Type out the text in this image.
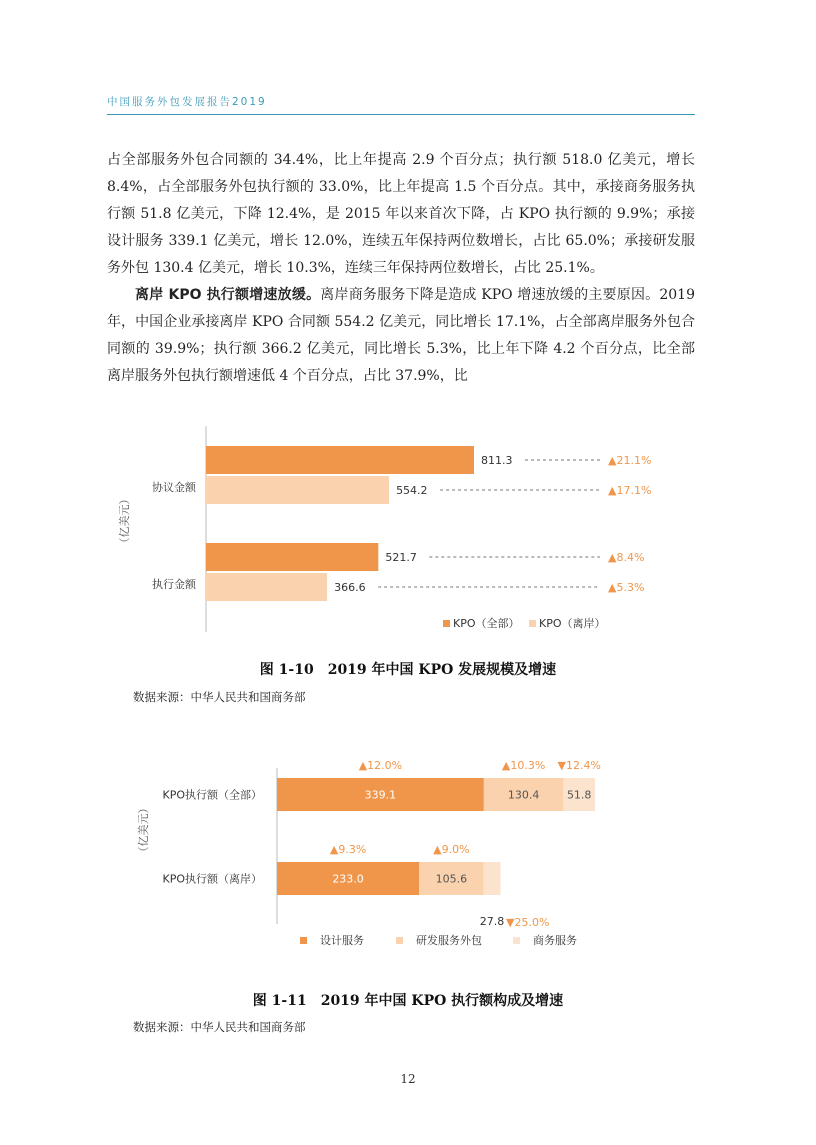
中国服务外包发展报告2019

占全部服务外包合同额的 34.4%，比上年提高 2.9 个百分点；执行额 518.0 亿美元，增长 8.4%，占全部服务外包执行额的 33.0%，比上年提高 1.5 个百分点。其中，承接商务服务执行额 51.8 亿美元，下降 12.4%，是 2015 年以来首次下降，占 KPO 执行额的 9.9%；承接设计服务 339.1 亿美元，增长 12.0%，连续五年保持两位数增长，占比 65.0%；承接研发服务外包 130.4 亿美元，增长 10.3%，连续三年保持两位数增长，占比 25.1%。

离岸 KPO 执行额增速放缓。离岸商务服务下降是造成 KPO 增速放缓的主要原因。2019 年，中国企业承接离岸 KPO 合同额 554.2 亿美元，同比增长 17.1%，占全部离岸服务外包合同额的 39.9%；执行额 366.2 亿美元，同比增长 5.3%，比上年下降 4.2 个百分点，比全部离岸服务外包执行额增速低 4 个百分点，占比 37.9%，比

（亿美元）
协议金额
811.3	▲21.1%
554.2	▲17.1%
执行金额
521.7	▲8.4%
366.6	▲5.3%
KPO（全部） KPO（离岸）
图 1-10　2019 年中国 KPO 发展规模及增速
数据来源：中华人民共和国商务部
（亿美元）
KPO执行额（全部）	339.1
▲12.0%
130.4
▲10.3%
51.8
▼12.4%
KPO执行额（离岸）	233.0
▲9.3%
105.6
▲9.0%
27.8 ▼25.0%
设计服务	研发服务外包	商务服务
图 1-11　2019 年中国 KPO 执行额构成及增速
数据来源：中华人民共和国商务部
12
